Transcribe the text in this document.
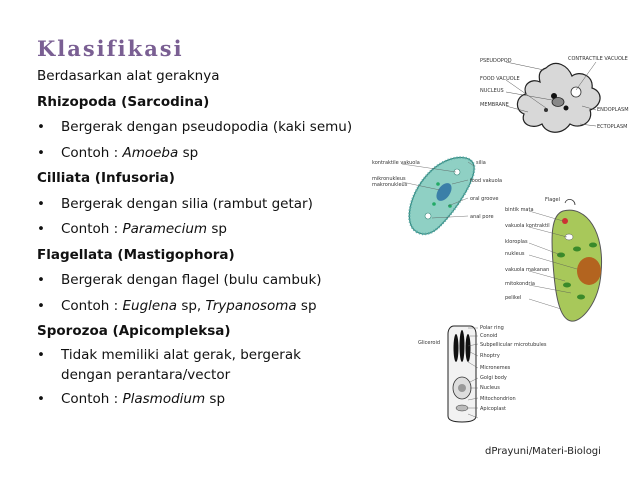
Klasifikasi
Berdasarkan alat geraknya
Rhizopoda (Sarcodina)
• Bergerak dengan pseudopodia (kaki semu)
• Contoh : Amoeba sp
Cilliata (Infusoria)
• Bergerak dengan silia (rambut getar)
• Contoh : Paramecium sp
Flagellata (Mastigophora)
• Bergerak dengan flagel (bulu cambuk)
• Contoh : Euglena sp, Trypanosoma sp
Sporozoa (Apicompleksa)
• Tidak memiliki alat gerak, bergerak
dengan perantara/vector
• Contoh : Plasmodium sp
PSEUDOPOD	CONTRACTILE VACUOLE
FOOD VACUOLE
NUCLEUS
ENDOPLASM
MEMBRANE
ECTOPLASM
kontraktile vakuola
mikronukleus
makronukleus
silia
food vakuola
oral groove
anal pore
Flagel
bintik mata
vakuola kontraktil
kloroplas
nukleus
vakuola makanan
mitokondria
pelikel
Gliceroid
Polar ring
Conoid
Subpellicular microtubules
Rhoptry
Micronemes
Golgi body
Nucleus
Mitochondrion
Apicoplast
dPrayuni/Materi-Biologi
